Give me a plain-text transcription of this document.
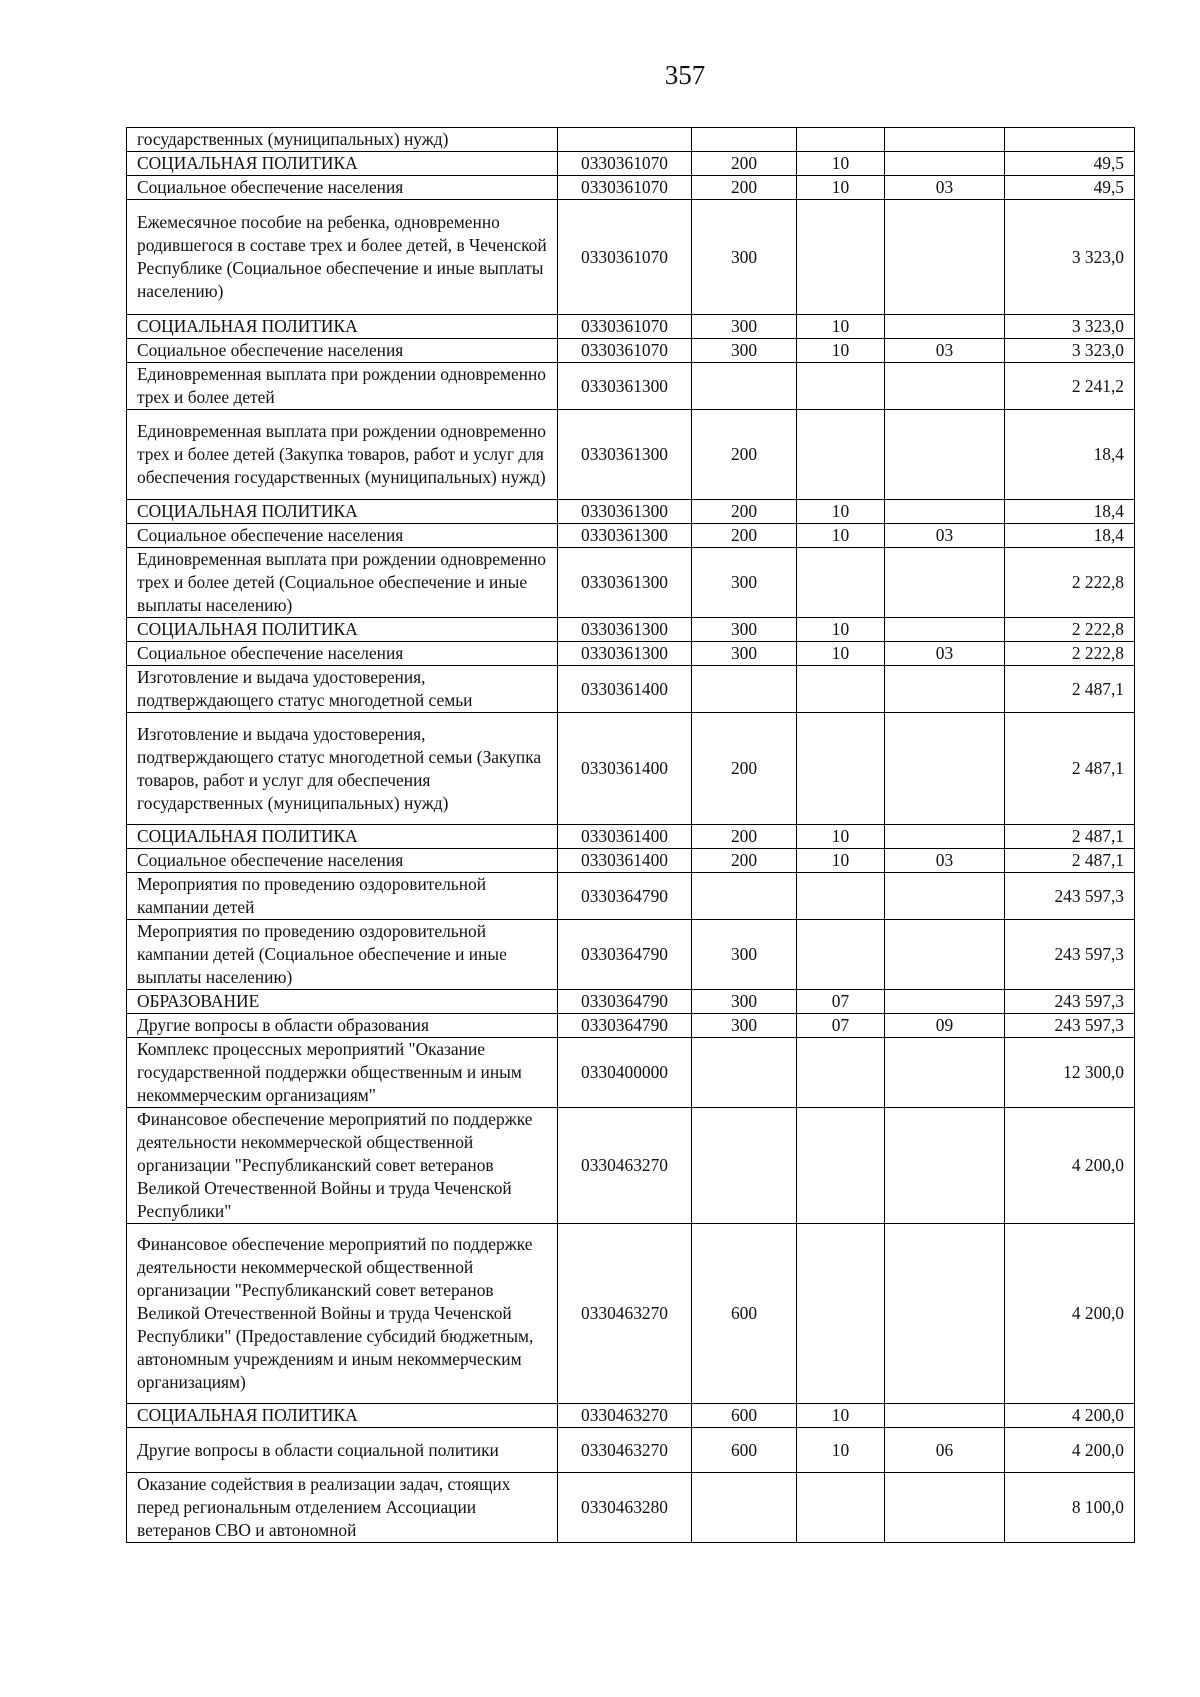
357
государственных (муниципальных) нужд)					
СОЦИАЛЬНАЯ ПОЛИТИКА	0330361070	200	10		49,5
Социальное обеспечение населения	0330361070	200	10	03	49,5
Ежемесячное пособие на ребенка, одновременно родившегося в составе трех и более детей, в Чеченской Республике (Социальное обеспечение и иные выплаты населению)	0330361070	300			3 323,0
СОЦИАЛЬНАЯ ПОЛИТИКА	0330361070	300	10		3 323,0
Социальное обеспечение населения	0330361070	300	10	03	3 323,0
Единовременная выплата при рождении одновременно трех и более детей	0330361300				2 241,2
Единовременная выплата при рождении одновременно трех и более детей (Закупка товаров, работ и услуг для обеспечения государственных (муниципальных) нужд)	0330361300	200			18,4
СОЦИАЛЬНАЯ ПОЛИТИКА	0330361300	200	10		18,4
Социальное обеспечение населения	0330361300	200	10	03	18,4
Единовременная выплата при рождении одновременно трех и более детей (Социальное обеспечение и иные выплаты населению)	0330361300	300			2 222,8
СОЦИАЛЬНАЯ ПОЛИТИКА	0330361300	300	10		2 222,8
Социальное обеспечение населения	0330361300	300	10	03	2 222,8
Изготовление и выдача удостоверения, подтверждающего статус многодетной семьи	0330361400				2 487,1
Изготовление и выдача удостоверения, подтверждающего статус многодетной семьи (Закупка товаров, работ и услуг для обеспечения государственных (муниципальных) нужд)	0330361400	200			2 487,1
СОЦИАЛЬНАЯ ПОЛИТИКА	0330361400	200	10		2 487,1
Социальное обеспечение населения	0330361400	200	10	03	2 487,1
Мероприятия по проведению оздоровительной кампании детей	0330364790				243 597,3
Мероприятия по проведению оздоровительной кампании детей (Социальное обеспечение и иные выплаты населению)	0330364790	300			243 597,3
ОБРАЗОВАНИЕ	0330364790	300	07		243 597,3
Другие вопросы в области образования	0330364790	300	07	09	243 597,3
Комплекс процессных мероприятий "Оказание государственной поддержки общественным и иным некоммерческим организациям"	0330400000				12 300,0
Финансовое обеспечение мероприятий по поддержке деятельности некоммерческой общественной организации "Республиканский совет ветеранов Великой Отечественной Войны и труда Чеченской Республики"	0330463270				4 200,0
Финансовое обеспечение мероприятий по поддержке деятельности некоммерческой общественной организации "Республиканский совет ветеранов Великой Отечественной Войны и труда Чеченской Республики" (Предоставление субсидий бюджетным, автономным учреждениям и иным некоммерческим организациям)	0330463270	600			4 200,0
СОЦИАЛЬНАЯ ПОЛИТИКА	0330463270	600	10		4 200,0
Другие вопросы в области социальной политики	0330463270	600	10	06	4 200,0
Оказание содействия в реализации задач, стоящих перед региональным отделением Ассоциации ветеранов СВО и автономной	0330463280				8 100,0
